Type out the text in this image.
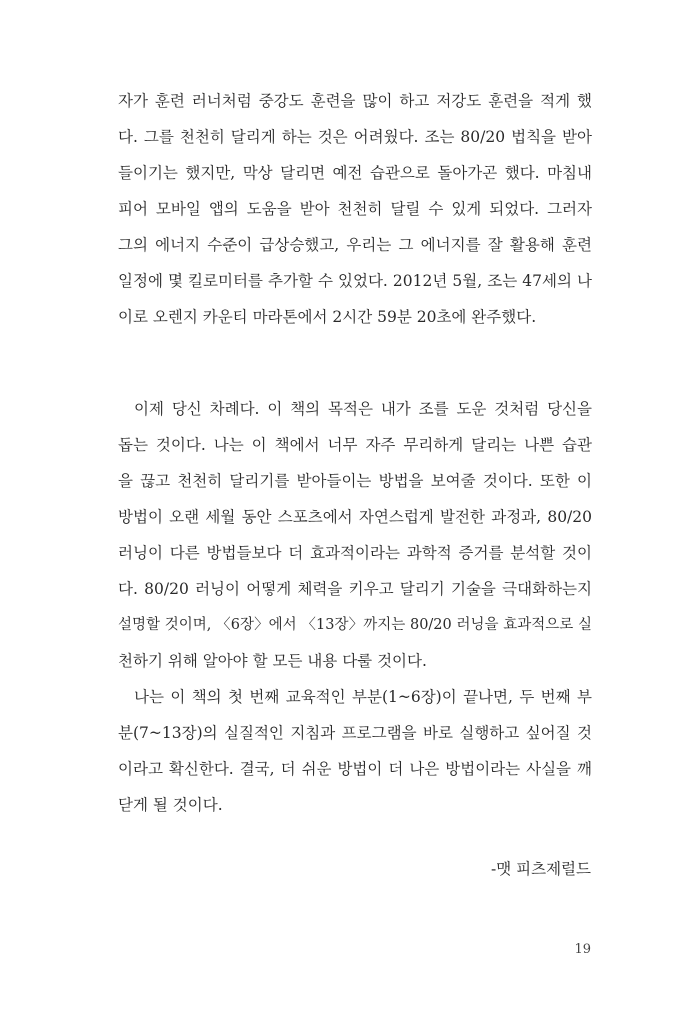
자가 훈련 러너처럼 중강도 훈련을 많이 하고 저강도 훈련을 적게 했
다. 그를 천천히 달리게 하는 것은 어려웠다. 조는 80/20 법칙을 받아
들이기는 했지만, 막상 달리면 예전 습관으로 돌아가곤 했다. 마침내
피어 모바일 앱의 도움을 받아 천천히 달릴 수 있게 되었다. 그러자
그의 에너지 수준이 급상승했고, 우리는 그 에너지를 잘 활용해 훈련
일정에 몇 킬로미터를 추가할 수 있었다. 2012년 5월, 조는 47세의 나
이로 오렌지 카운티 마라톤에서 2시간 59분 20초에 완주했다.
이제 당신 차례다. 이 책의 목적은 내가 조를 도운 것처럼 당신을
돕는 것이다. 나는 이 책에서 너무 자주 무리하게 달리는 나쁜 습관
을 끊고 천천히 달리기를 받아들이는 방법을 보여줄 것이다. 또한 이
방법이 오랜 세월 동안 스포츠에서 자연스럽게 발전한 과정과, 80/20
러닝이 다른 방법들보다 더 효과적이라는 과학적 증거를 분석할 것이
다. 80/20 러닝이 어떻게 체력을 키우고 달리기 기술을 극대화하는지
설명할 것이며, 〈6장〉에서 〈13장〉까지는 80/20 러닝을 효과적으로 실
천하기 위해 알아야 할 모든 내용 다룰 것이다.
나는 이 책의 첫 번째 교육적인 부분(1~6장)이 끝나면, 두 번째 부
분(7~13장)의 실질적인 지침과 프로그램을 바로 실행하고 싶어질 것
이라고 확신한다. 결국, 더 쉬운 방법이 더 나은 방법이라는 사실을 깨
닫게 될 것이다.
-맷 피츠제럴드
19
